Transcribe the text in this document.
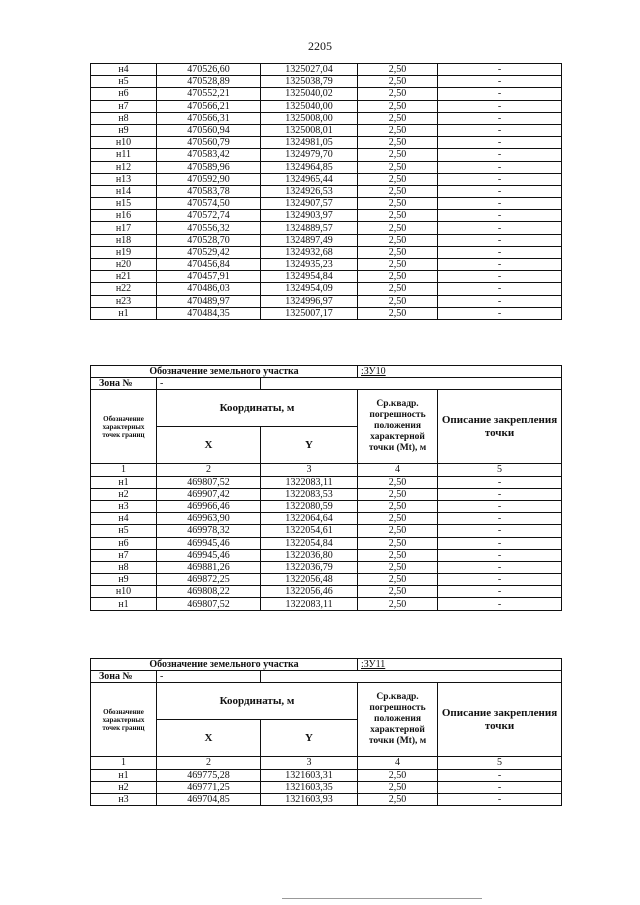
2205
н4	470526,60	1325027,04	2,50	-
н5	470528,89	1325038,79	2,50	-
н6	470552,21	1325040,02	2,50	-
н7	470566,21	1325040,00	2,50	-
н8	470566,31	1325008,00	2,50	-
н9	470560,94	1325008,01	2,50	-
н10	470560,79	1324981,05	2,50	-
н11	470583,42	1324979,70	2,50	-
н12	470589,96	1324964,85	2,50	-
н13	470592,90	1324965,44	2,50	-
н14	470583,78	1324926,53	2,50	-
н15	470574,50	1324907,57	2,50	-
н16	470572,74	1324903,97	2,50	-
н17	470556,32	1324889,57	2,50	-
н18	470528,70	1324897,49	2,50	-
н19	470529,42	1324932,68	2,50	-
н20	470456,84	1324935,23	2,50	-
н21	470457,91	1324954,84	2,50	-
н22	470486,03	1324954,09	2,50	-
н23	470489,97	1324996,97	2,50	-
н1	470484,35	1325007,17	2,50	-
Обозначение земельного участка			:ЗУ10	
Зона №	-			
Обозначение характерных точек границ	Координаты, м		Ср.квадр. погрешность положения характерной точки (Mt), м	Описание закрепления точки
	X	Y		
1	2	3	4	5
н1	469807,52	1322083,11	2,50	-
н2	469907,42	1322083,53	2,50	-
н3	469966,46	1322080,59	2,50	-
н4	469963,90	1322064,64	2,50	-
н5	469978,32	1322054,61	2,50	-
н6	469945,46	1322054,84	2,50	-
н7	469945,46	1322036,80	2,50	-
н8	469881,26	1322036,79	2,50	-
н9	469872,25	1322056,48	2,50	-
н10	469808,22	1322056,46	2,50	-
н1	469807,52	1322083,11	2,50	-
Обозначение земельного участка			:ЗУ11	
Зона №	-			
Обозначение характерных точек границ	Координаты, м		Ср.квадр. погрешность положения характерной точки (Mt), м	Описание закрепления точки
	X	Y		
1	2	3	4	5
н1	469775,28	1321603,31	2,50	-
н2	469771,25	1321603,35	2,50	-
н3	469704,85	1321603,93	2,50	-
